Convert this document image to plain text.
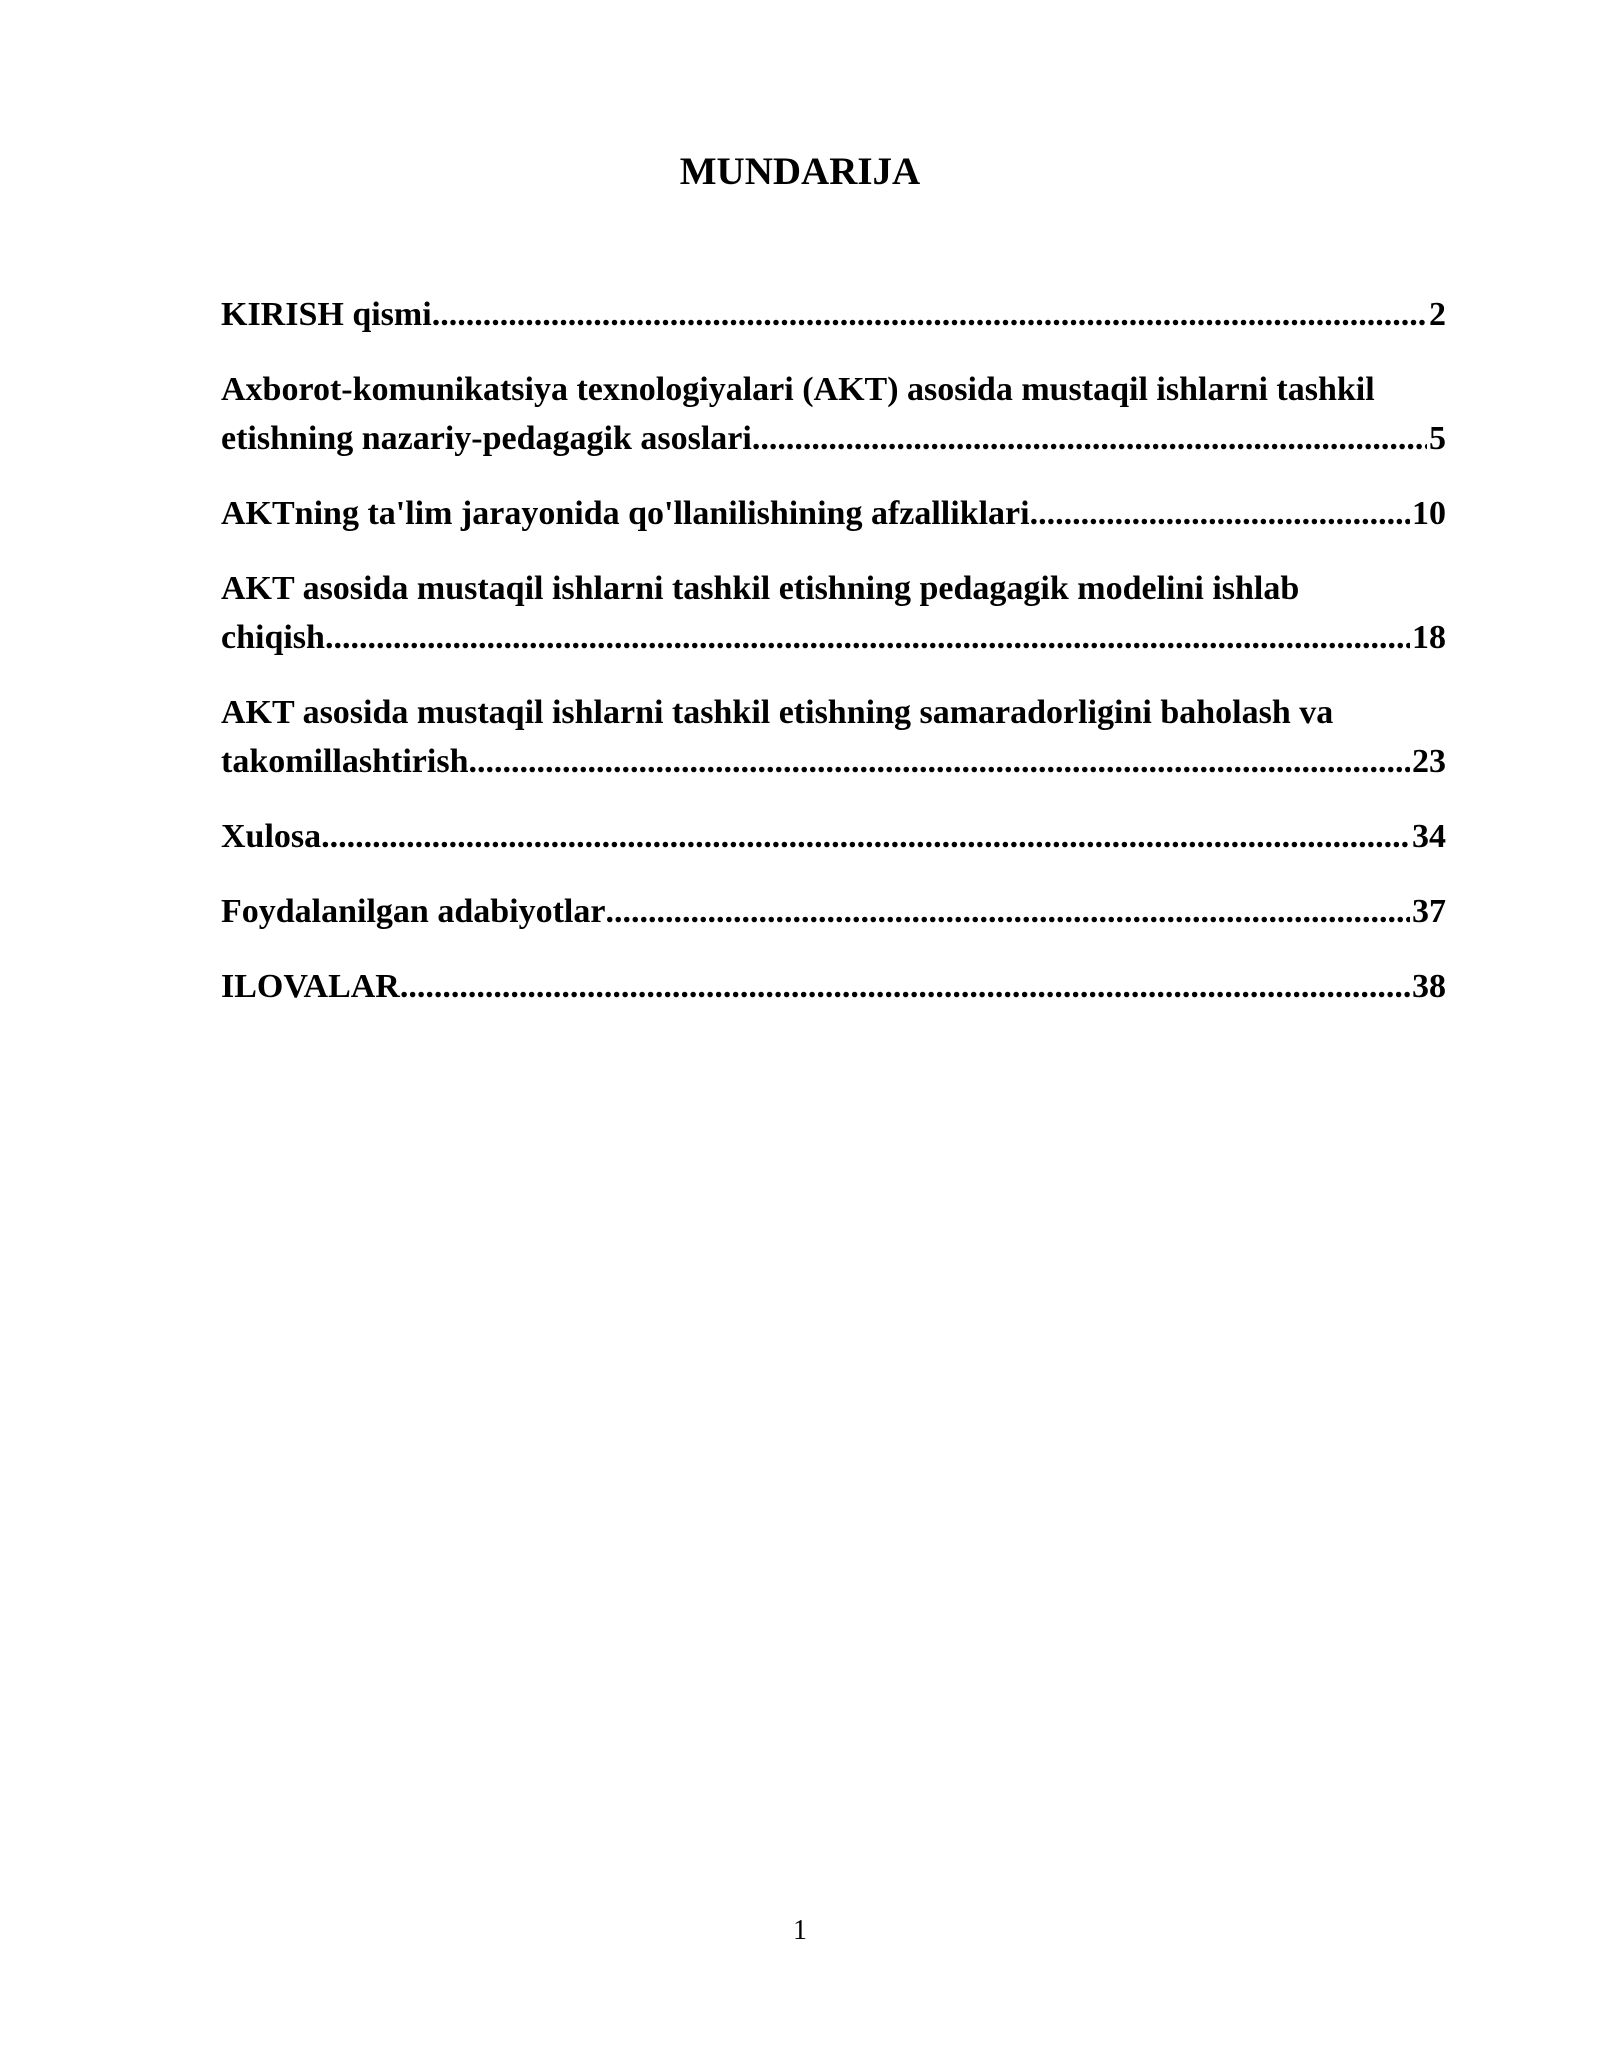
MUNDARIJA
KIRISH qismi .....	2
Axborot-komunikatsiya texnologiyalari (AKT) asosida mustaqil ishlarni tashkil
etishning nazariy-pedagagik asoslari .....	5
AKTning ta'lim jarayonida qo'llanilishining afzalliklari .....	10
AKT asosida mustaqil ishlarni tashkil etishning pedagagik modelini ishlab
chiqish .....	18
AKT asosida mustaqil ishlarni tashkil etishning samaradorligini baholash va
takomillashtirish .....	23
Xulosa .....	34
Foydalanilgan adabiyotlar .....	37
ILOVALAR .....	38
1
